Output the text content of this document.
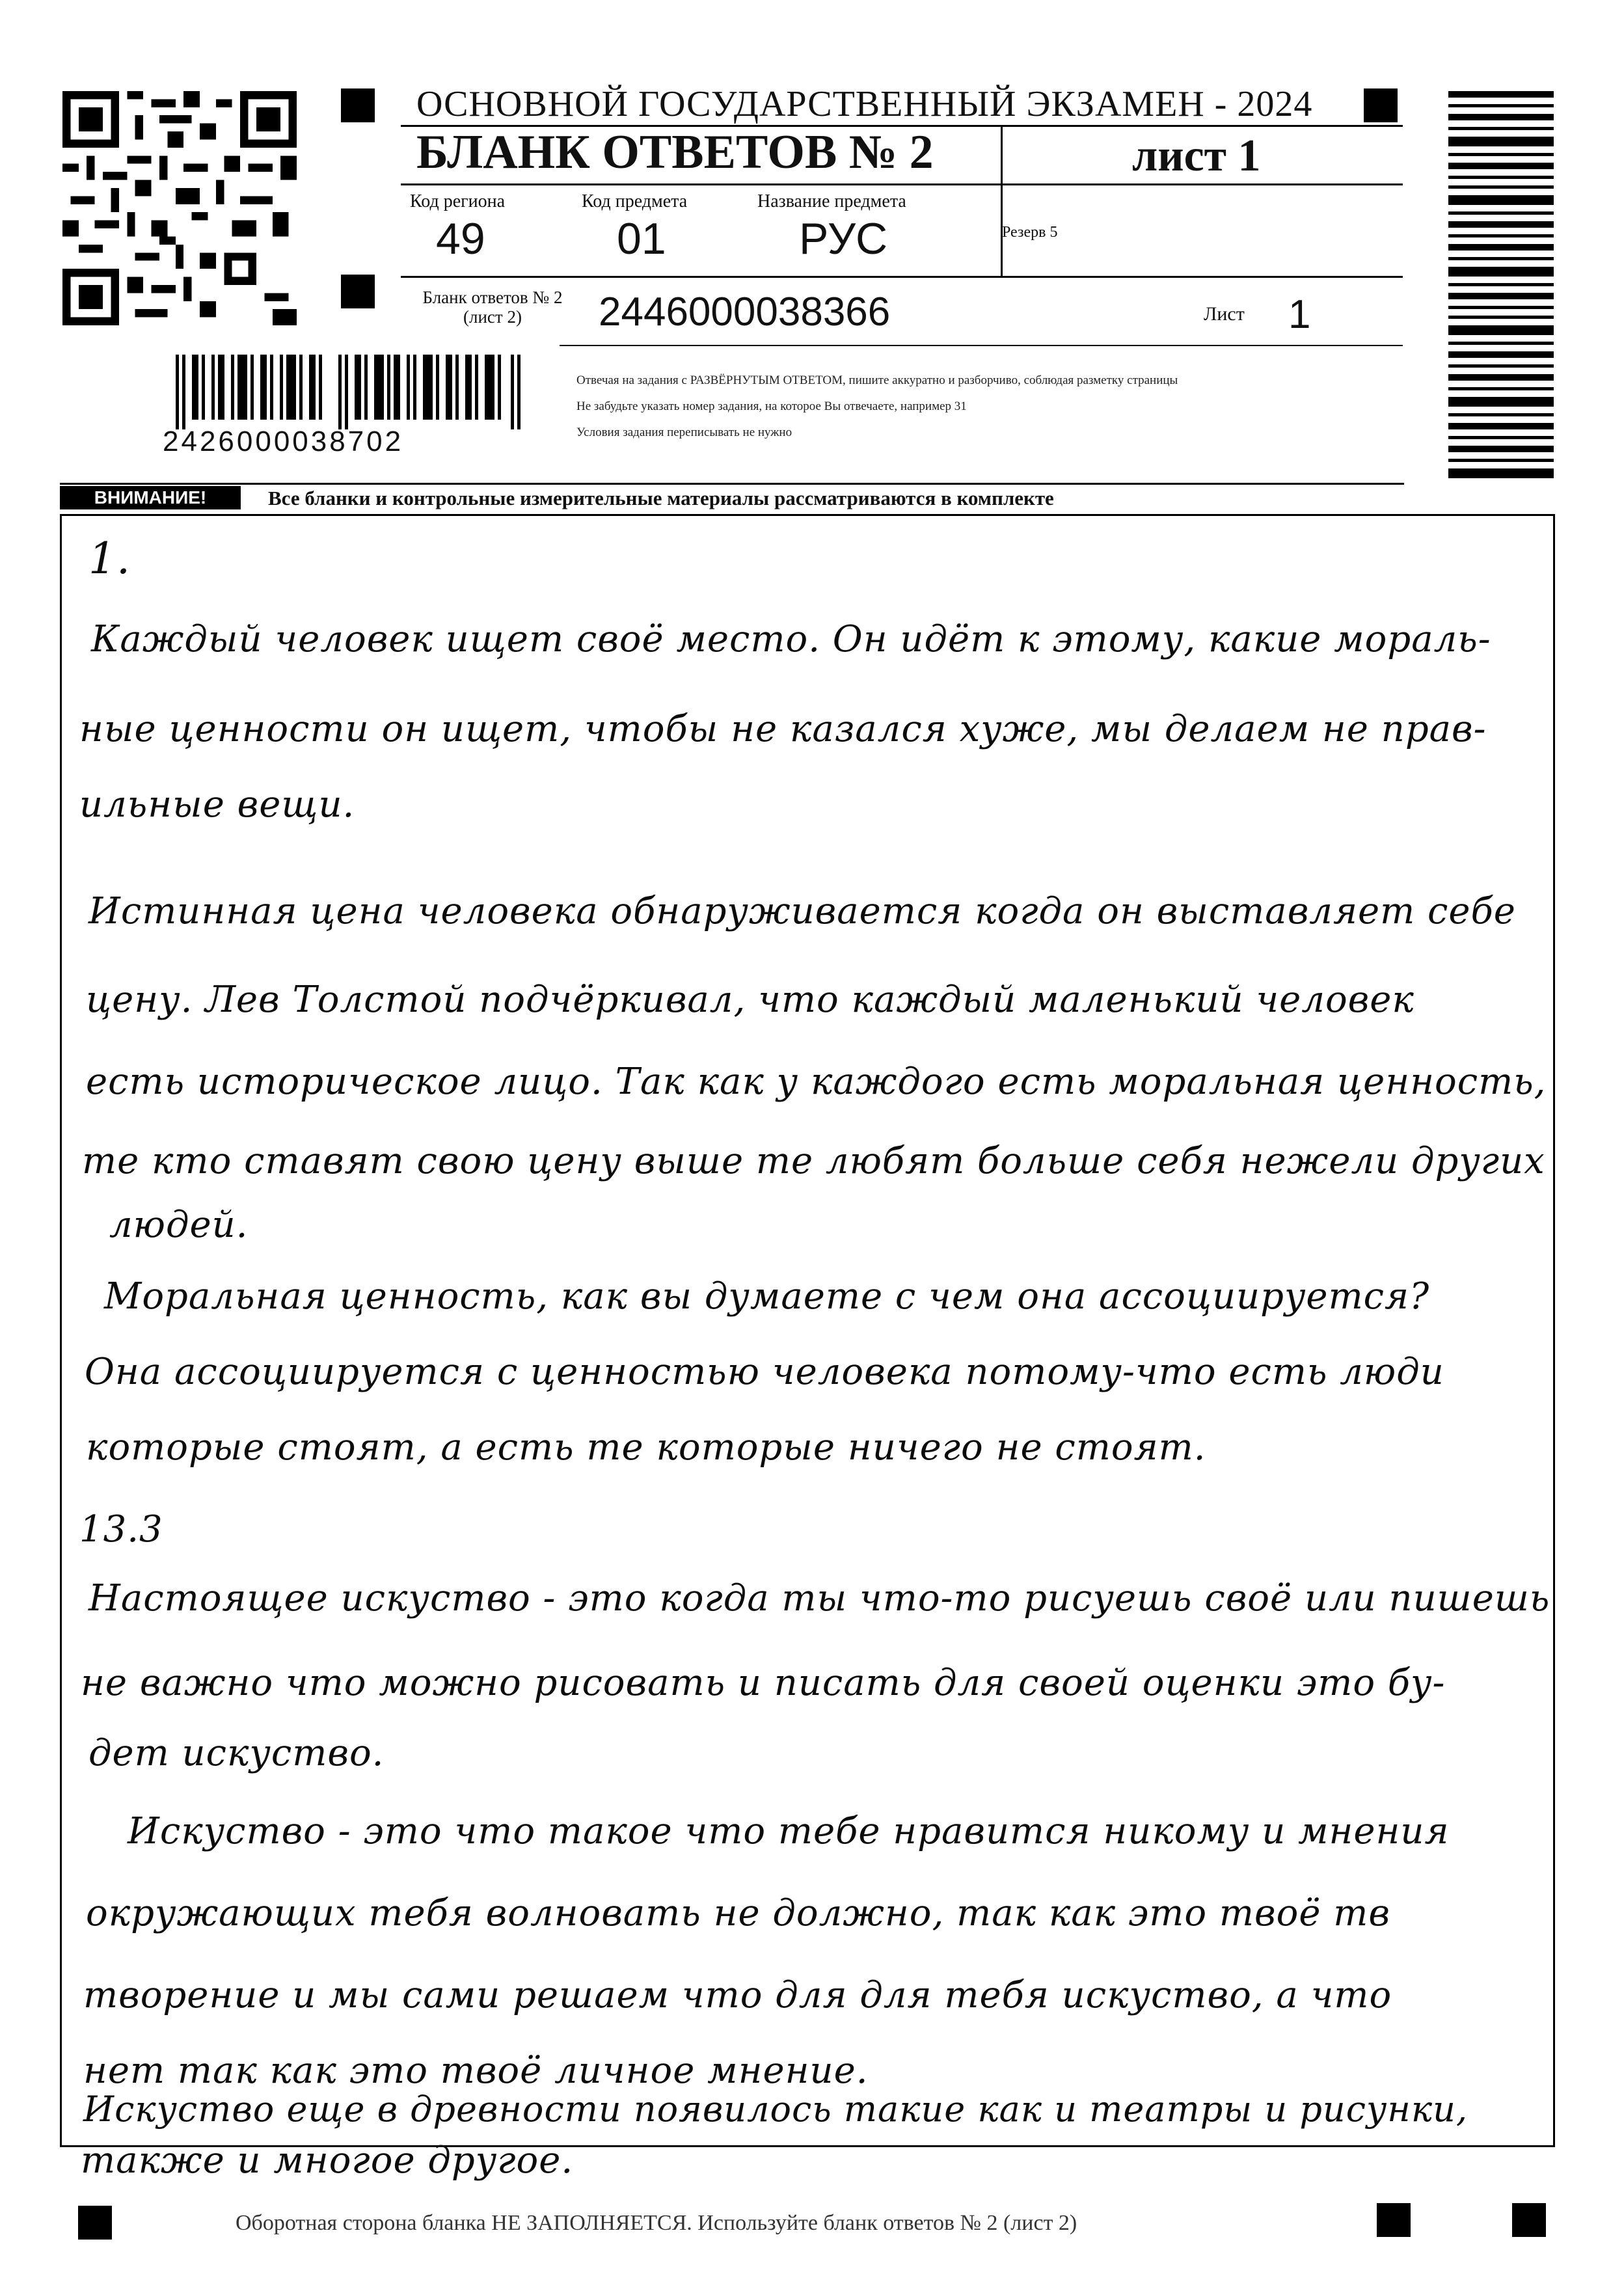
ОСНОВНОЙ ГОСУДАРСТВЕННЫЙ ЭКЗАМЕН - 2024
БЛАНК ОТВЕТОВ № 2	лист 1
Код региона	Код предмета	Название предмета
49	01	РУС	Резерв 5
Бланк ответов № 2
(лист 2)	2446000038366	Лист 1
2426000038702
Отвечая на задания с РАЗВЁРНУТЫМ ОТВЕТОМ, пишите аккуратно и разборчиво, соблюдая разметку страницы
Не забудьте указать номер задания, на которое Вы отвечаете, например 31
Условия задания переписывать не нужно
ВНИМАНИЕ!	Все бланки и контрольные измерительные материалы рассматриваются в комплекте
1.
Каждый человек ищет своё место. Он идёт к этому, какие мораль-
ные ценности он ищет, чтобы не казался хуже, мы делаем не прав-
ильные вещи.
Истинная цена человека обнаруживается когда он выставляет себе
цену. Лев Толстой подчёркивал, что каждый маленький человек
есть историческое лицо. Так как у каждого есть моральная ценность,
те кто ставят свою цену выше те любят больше себя нежели других
людей.
Моральная ценность, как вы думаете с чем она ассоциируется?
Она ассоциируется с ценностью человека потому-что есть люди
которые стоят, а есть те которые ничего не стоят.
13.3
Настоящее искуство - это когда ты что-то рисуешь своё или пишешь
не важно что можно рисовать и писать для своей оценки это бу-
дет искуство.
Искуство - это что такое что тебе нравится никому и мнения
окружающих тебя волновать не должно, так как это твоё тв
творение и мы сами решаем что для для тебя искуство, а что
нет так как это твоё личное мнение.
Искуство еще в древности появилось такие как и театры и рисунки,
также и многое другое.
Оборотная сторона бланка НЕ ЗАПОЛНЯЕТСЯ. Используйте бланк ответов № 2 (лист 2)
